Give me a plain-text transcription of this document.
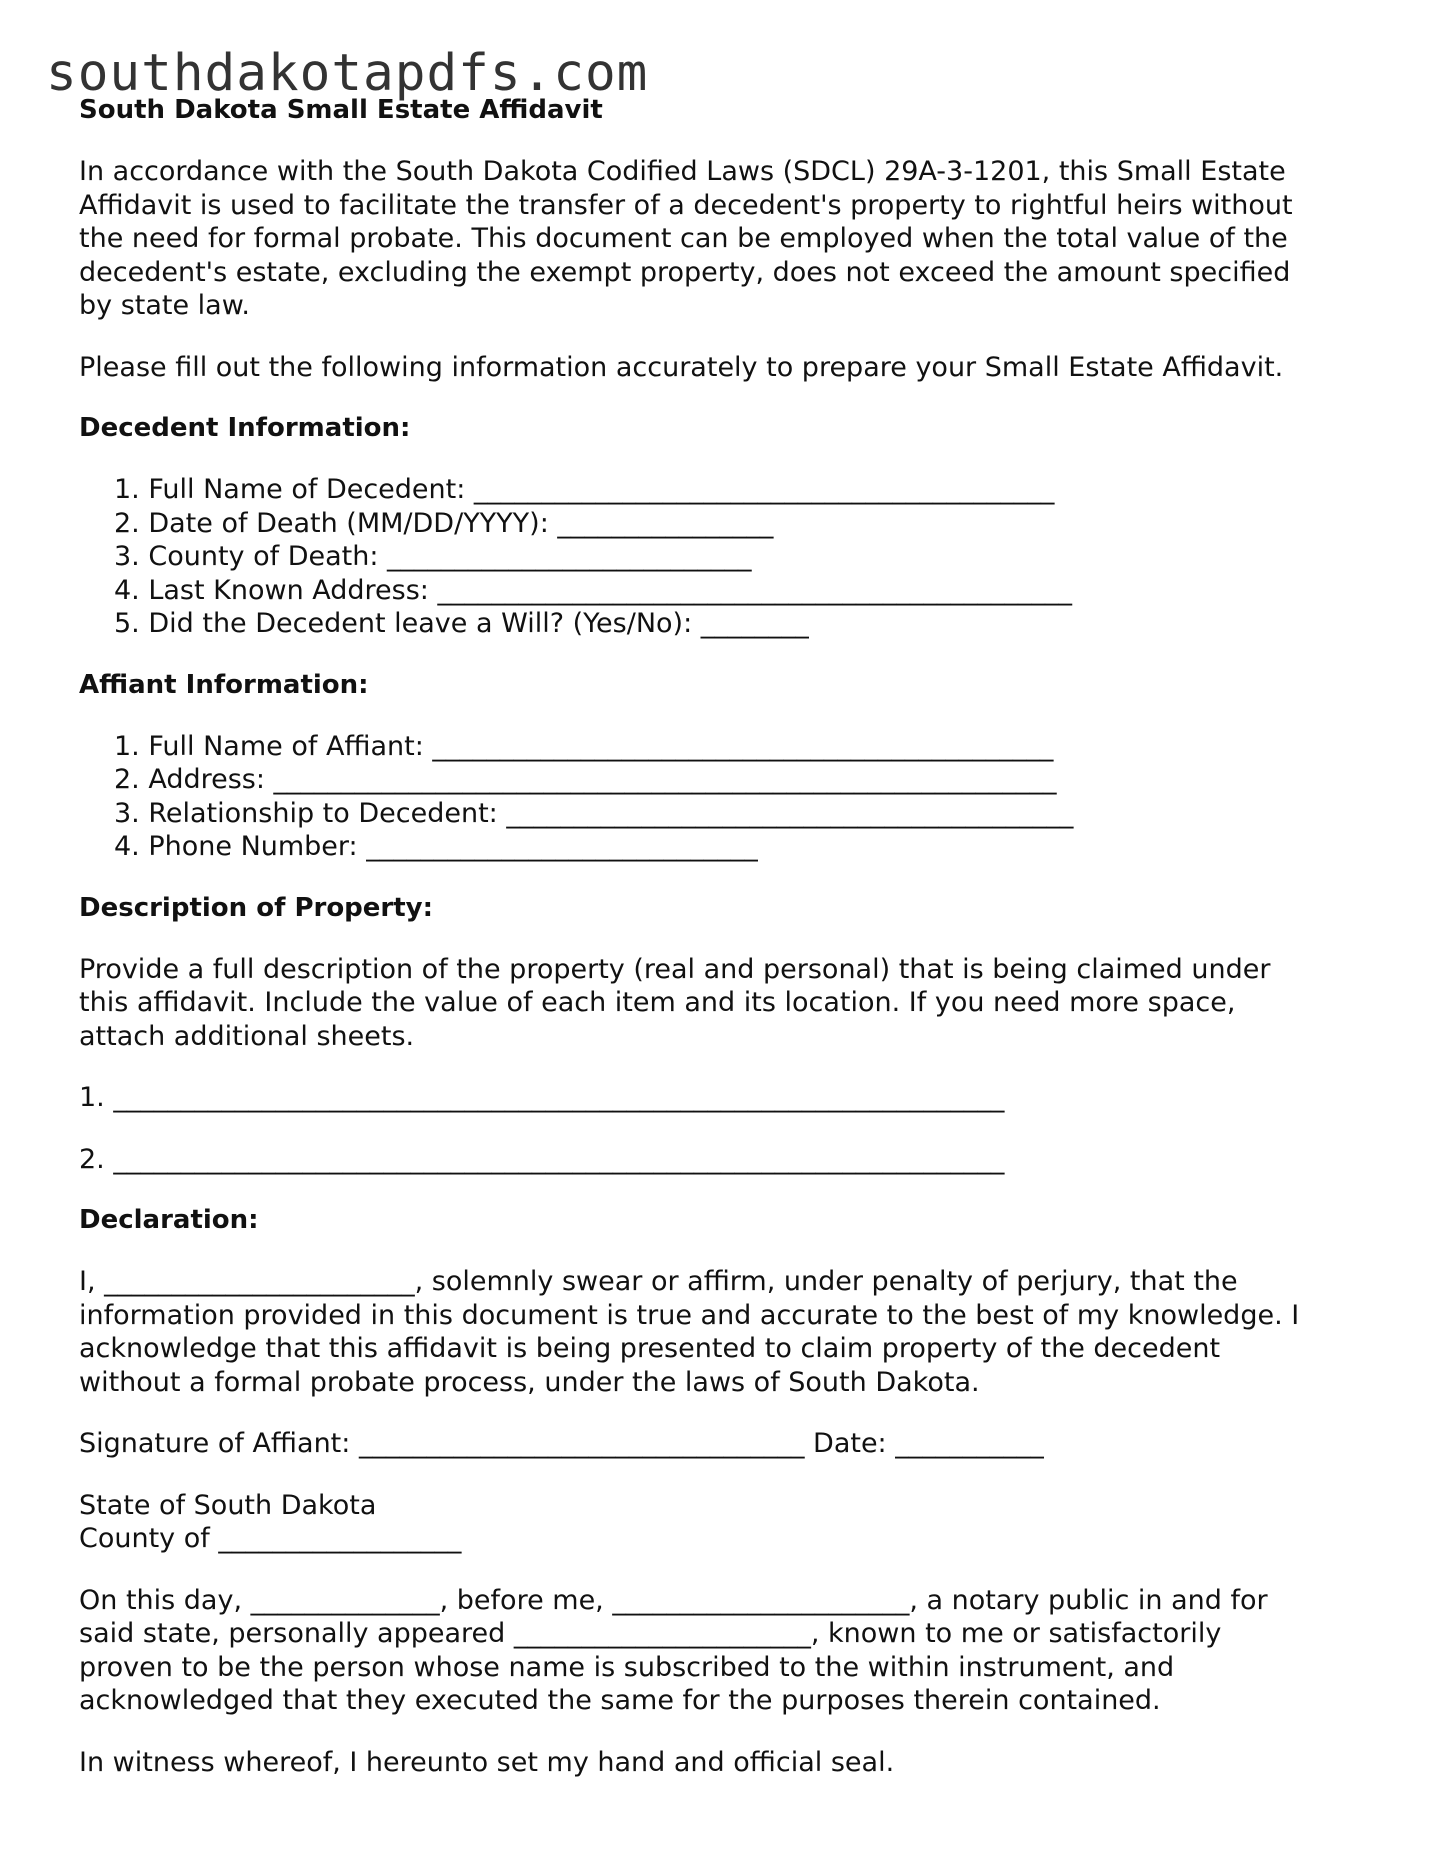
southdakotapdfs.com
South Dakota Small Estate Affidavit

In accordance with the South Dakota Codified Laws (SDCL) 29A-3-1201, this Small Estate

Affidavit is used to facilitate the transfer of a decedent's property to rightful heirs without

the need for formal probate. This document can be employed when the total value of the

decedent's estate, excluding the exempt property, does not exceed the amount specified

by state law.

Please fill out the following information accurately to prepare your Small Estate Affidavit.

Decedent Information:
1. Full Name of Decedent: ___________________________________________
2. Date of Death (MM/DD/YYYY): ________________
3. County of Death: ___________________________
4. Last Known Address: _______________________________________________
5. Did the Decedent leave a Will? (Yes/No): ________
Affiant Information:
1. Full Name of Affiant: ______________________________________________
2. Address: __________________________________________________________
3. Relationship to Decedent: __________________________________________
4. Phone Number: _____________________________
Description of Property:

Provide a full description of the property (real and personal) that is being claimed under

this affidavit. Include the value of each item and its location. If you need more space,

attach additional sheets.

1. __________________________________________________________________

2. __________________________________________________________________

Declaration:

I, _______________________, solemnly swear or affirm, under penalty of perjury, that the

information provided in this document is true and accurate to the best of my knowledge. I

acknowledge that this affidavit is being presented to claim property of the decedent

without a formal probate process, under the laws of South Dakota.

Signature of Affiant: _________________________________ Date: ___________

State of South Dakota

County of __________________

On this day, ______________, before me, ______________________, a notary public in and for

said state, personally appeared ______________________, known to me or satisfactorily

proven to be the person whose name is subscribed to the within instrument, and

acknowledged that they executed the same for the purposes therein contained.

In witness whereof, I hereunto set my hand and official seal.
